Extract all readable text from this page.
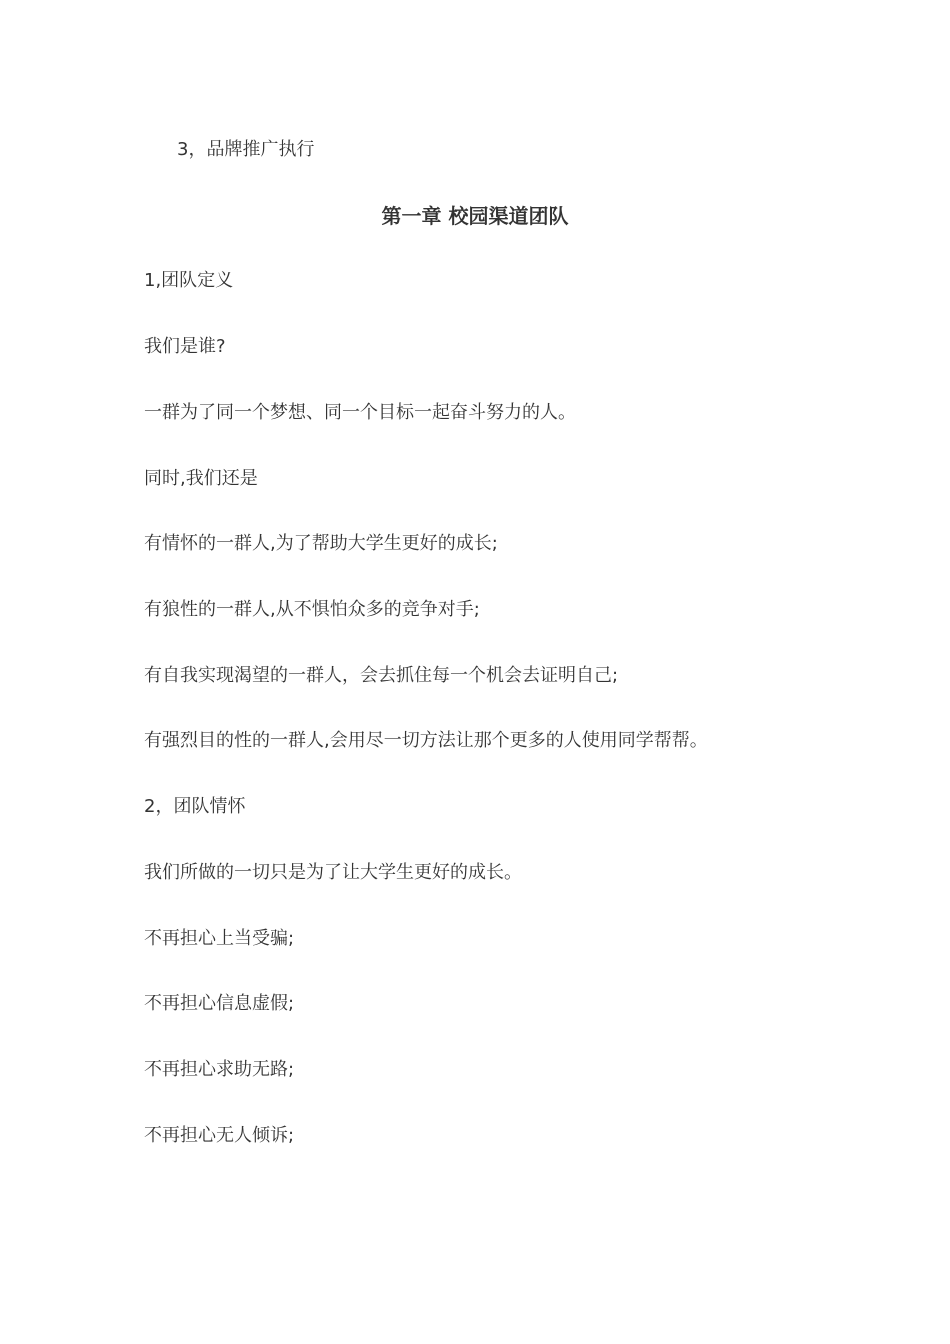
3，品牌推广执行
第一章 校园渠道团队
1,团队定义
我们是谁?
一群为了同一个梦想、同一个目标一起奋斗努力的人。
同时,我们还是
有情怀的一群人,为了帮助大学生更好的成长;
有狼性的一群人,从不惧怕众多的竞争对手;
有自我实现渴望的一群人，会去抓住每一个机会去证明自己;
有强烈目的性的一群人,会用尽一切方法让那个更多的人使用同学帮帮。
2，团队情怀
我们所做的一切只是为了让大学生更好的成长。
不再担心上当受骗;
不再担心信息虚假;
不再担心求助无路;
不再担心无人倾诉;
